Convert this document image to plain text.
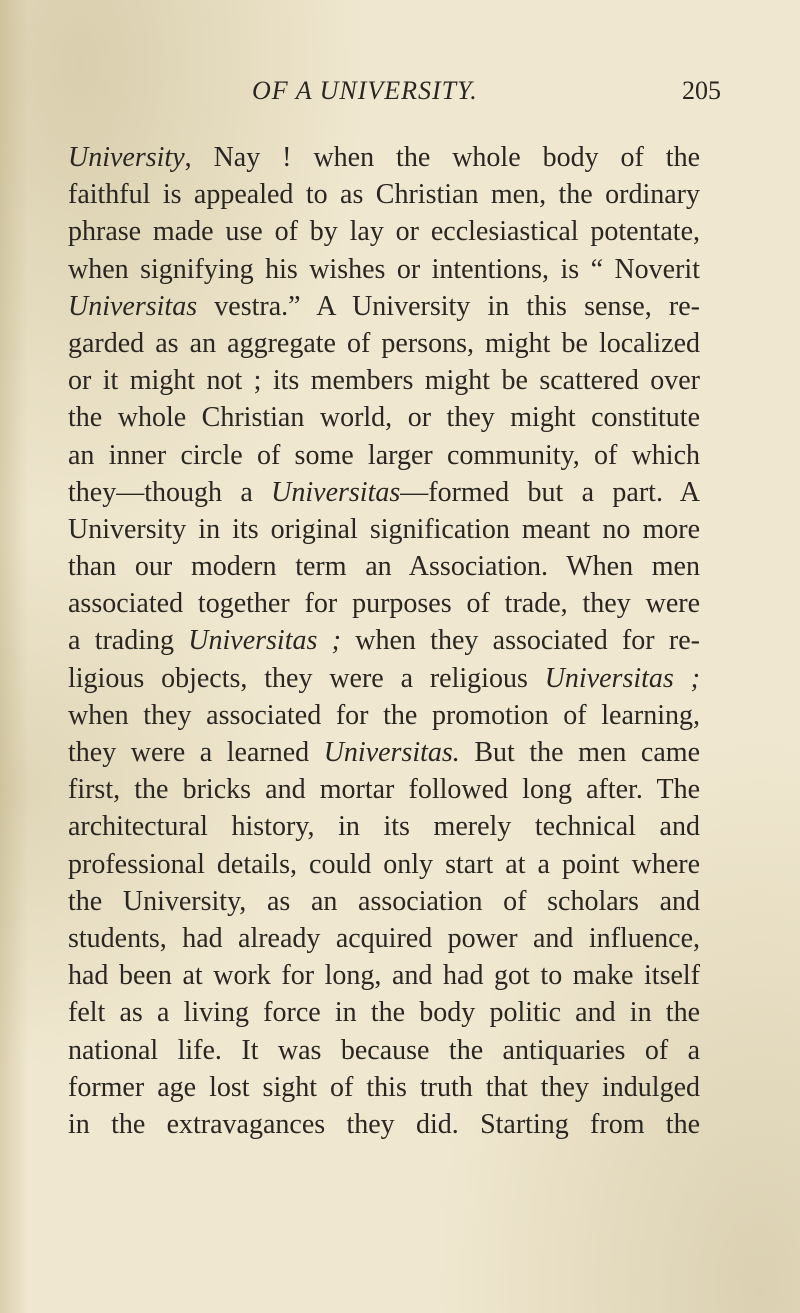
OF A UNIVERSITY.	205
University, Nay ! when the whole body of the
faithful is appealed to as Christian men, the ordinary
phrase made use of by lay or ecclesiastical potentate,
when signifying his wishes or intentions, is “ Noverit
Universitas vestra.” A University in this sense, re-
garded as an aggregate of persons, might be localized
or it might not ; its members might be scattered over
the whole Christian world, or they might constitute
an inner circle of some larger community, of which
they—though a Universitas—formed but a part. A
University in its original signification meant no more
than our modern term an Association. When men
associated together for purposes of trade, they were
a trading Universitas ; when they associated for re-
ligious objects, they were a religious Universitas ;
when they associated for the promotion of learning,
they were a learned Universitas. But the men came
first, the bricks and mortar followed long after. The
architectural history, in its merely technical and
professional details, could only start at a point where
the University, as an association of scholars and
students, had already acquired power and influence,
had been at work for long, and had got to make itself
felt as a living force in the body politic and in the
national life. It was because the antiquaries of a
former age lost sight of this truth that they indulged
in the extravagances they did. Starting from the
